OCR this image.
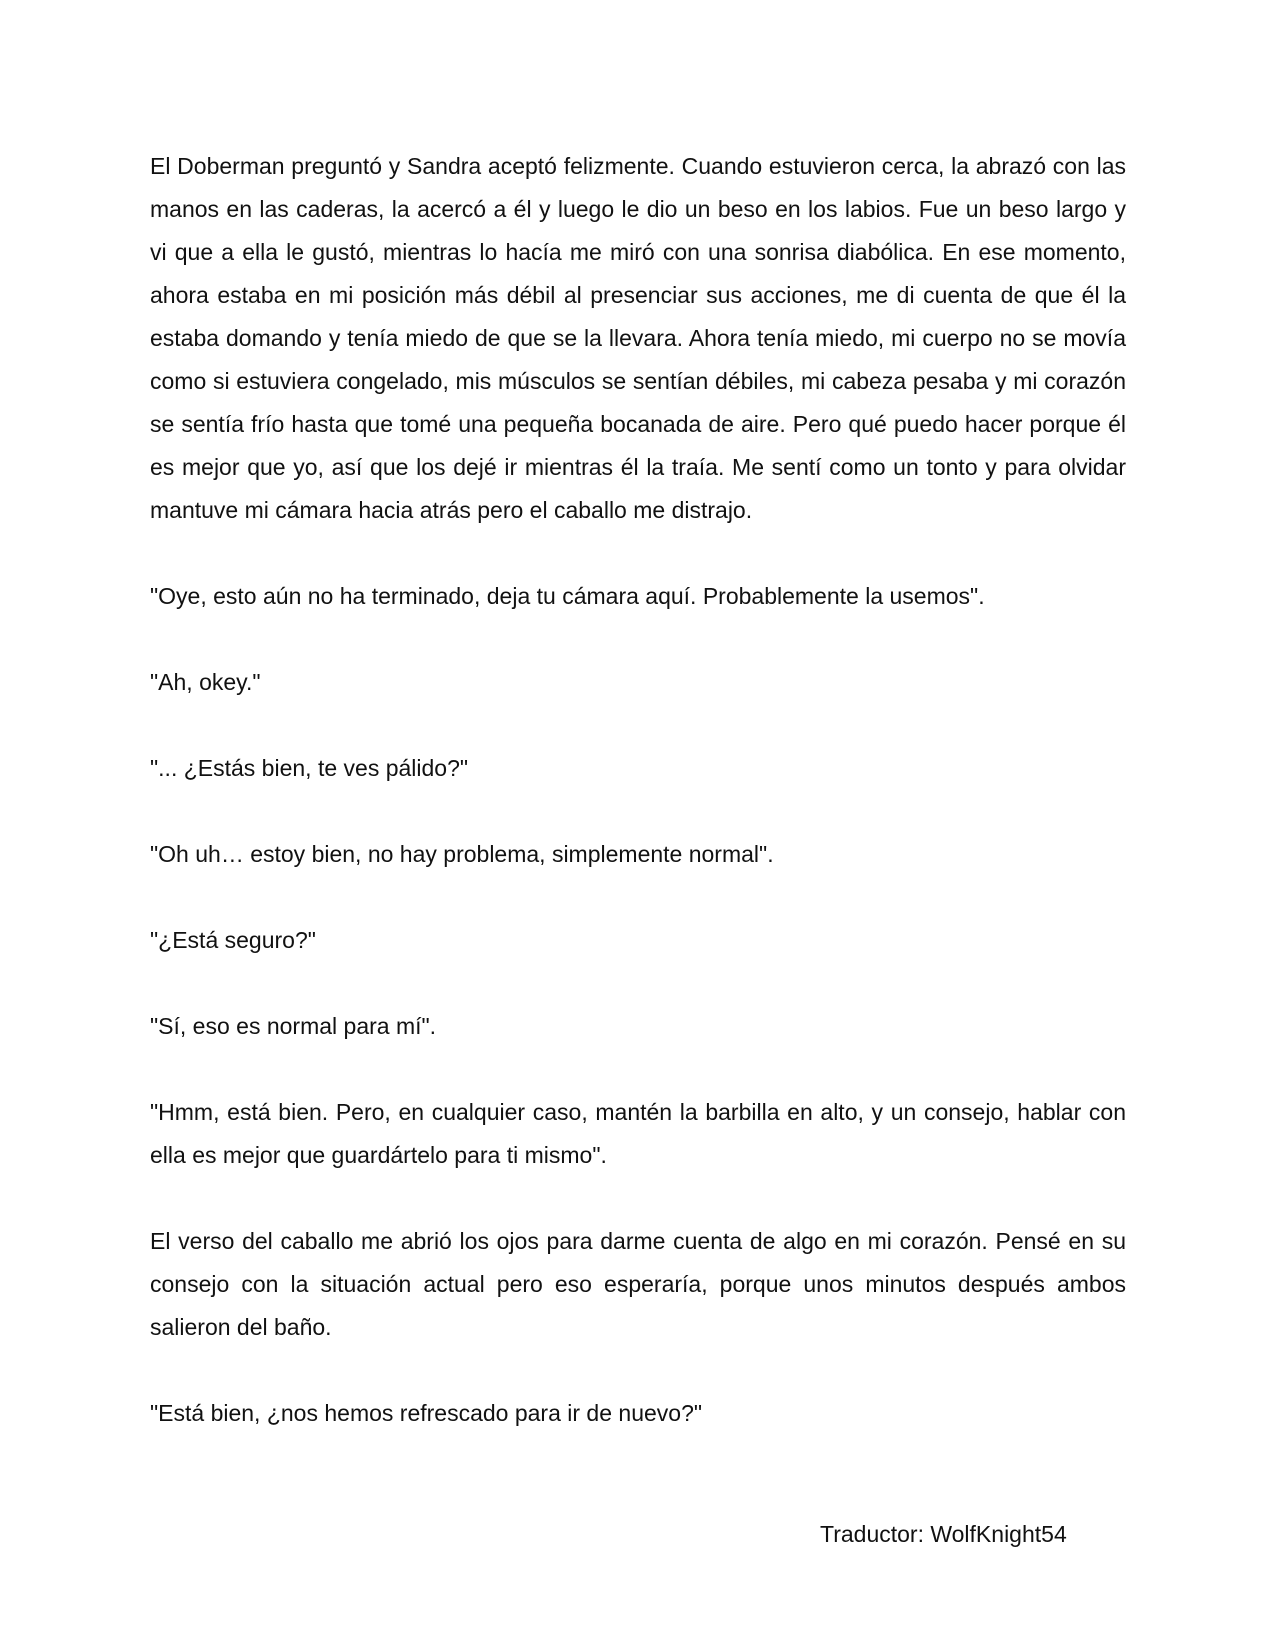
El Doberman preguntó y Sandra aceptó felizmente. Cuando estuvieron cerca, la abrazó con las manos en las caderas, la acercó a él y luego le dio un beso en los labios. Fue un beso largo y vi que a ella le gustó, mientras lo hacía me miró con una sonrisa diabólica. En ese momento, ahora estaba en mi posición más débil al presenciar sus acciones, me di cuenta de que él la estaba domando y tenía miedo de que se la llevara. Ahora tenía miedo, mi cuerpo no se movía como si estuviera congelado, mis músculos se sentían débiles, mi cabeza pesaba y mi corazón se sentía frío hasta que tomé una pequeña bocanada de aire. Pero qué puedo hacer porque él es mejor que yo, así que los dejé ir mientras él la traía. Me sentí como un tonto y para olvidar mantuve mi cámara hacia atrás pero el caballo me distrajo.

"Oye, esto aún no ha terminado, deja tu cámara aquí. Probablemente la usemos".

"Ah, okey."

"... ¿Estás bien, te ves pálido?"

"Oh uh… estoy bien, no hay problema, simplemente normal".

"¿Está seguro?"

"Sí, eso es normal para mí".

"Hmm, está bien. Pero, en cualquier caso, mantén la barbilla en alto, y un consejo, hablar con ella es mejor que guardártelo para ti mismo".

El verso del caballo me abrió los ojos para darme cuenta de algo en mi corazón. Pensé en su consejo con la situación actual pero eso esperaría, porque unos minutos después ambos salieron del baño.

"Está bien, ¿nos hemos refrescado para ir de nuevo?"

Traductor: WolfKnight54
